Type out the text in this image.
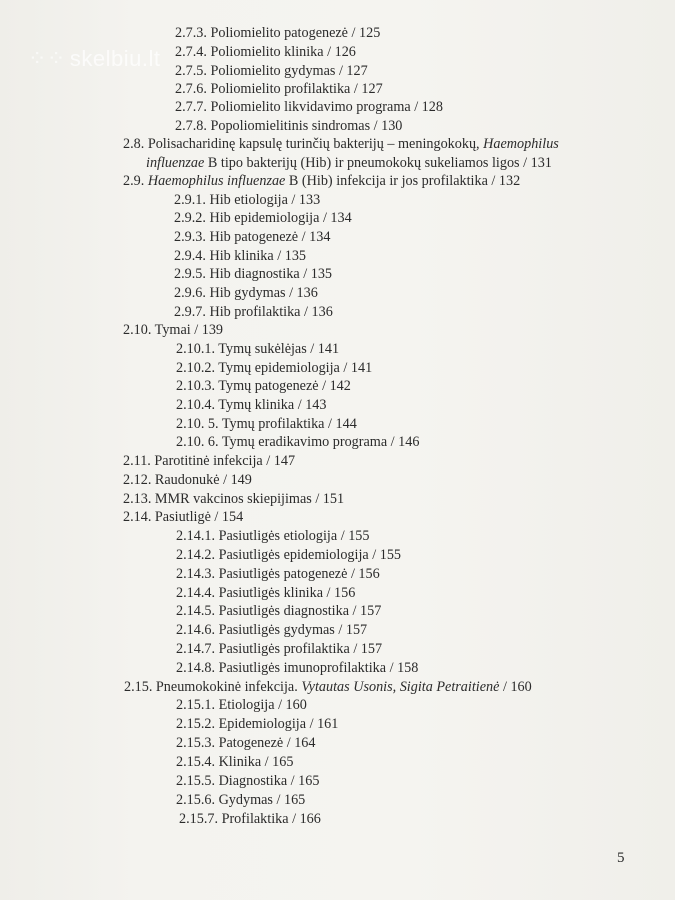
⁘⁘ skelbiu.lt
2.7.3. Poliomielito patogenezė / 125
2.7.4. Poliomielito klinika / 126
2.7.5. Poliomielito gydymas / 127
2.7.6. Poliomielito profilaktika / 127
2.7.7. Poliomielito likvidavimo programa / 128
2.7.8. Popoliomielitinis sindromas / 130
2.8. Polisacharidinę kapsulę turinčių bakterijų – meningokokų, Haemophilus
influenzae B tipo bakterijų (Hib) ir pneumokokų sukeliamos ligos / 131
2.9. Haemophilus influenzae B (Hib) infekcija ir jos profilaktika / 132
2.9.1. Hib etiologija / 133
2.9.2. Hib epidemiologija / 134
2.9.3. Hib patogenezė / 134
2.9.4. Hib klinika / 135
2.9.5. Hib diagnostika / 135
2.9.6. Hib gydymas / 136
2.9.7. Hib profilaktika / 136
2.10. Tymai / 139
2.10.1. Tymų sukėlėjas / 141
2.10.2. Tymų epidemiologija / 141
2.10.3. Tymų patogenezė / 142
2.10.4. Tymų klinika / 143
2.10. 5. Tymų profilaktika / 144
2.10. 6. Tymų eradikavimo programa / 146
2.11. Parotitinė infekcija / 147
2.12. Raudonukė / 149
2.13. MMR vakcinos skiepijimas / 151
2.14. Pasiutligė / 154
2.14.1. Pasiutligės etiologija / 155
2.14.2. Pasiutligės epidemiologija / 155
2.14.3. Pasiutligės patogenezė / 156
2.14.4. Pasiutligės klinika / 156
2.14.5. Pasiutligės diagnostika / 157
2.14.6. Pasiutligės gydymas / 157
2.14.7. Pasiutligės profilaktika / 157
2.14.8. Pasiutligės imunoprofilaktika / 158
2.15. Pneumokokinė infekcija. Vytautas Usonis, Sigita Petraitienė / 160
2.15.1. Etiologija / 160
2.15.2. Epidemiologija / 161
2.15.3. Patogenezė / 164
2.15.4. Klinika / 165
2.15.5. Diagnostika / 165
2.15.6. Gydymas / 165
2.15.7. Profilaktika / 166
5
